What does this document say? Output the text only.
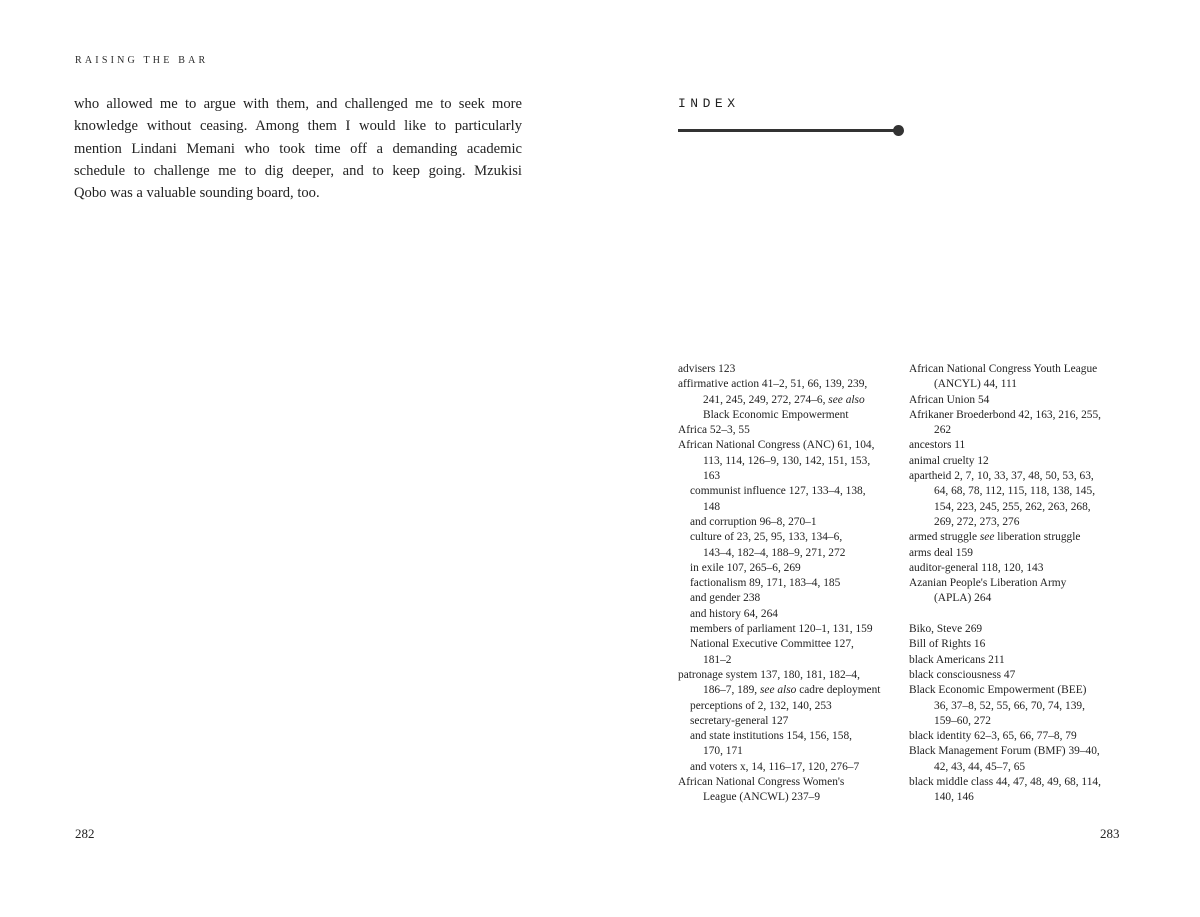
RAISING THE BAR
who allowed me to argue with them, and challenged me to seek more
knowledge without ceasing. Among them I would like to particularly
mention Lindani Memani who took time off a demanding academic
schedule to challenge me to dig deeper, and to keep going. Mzukisi
Qobo was a valuable sounding board, too.
282
INDEX
advisers 123
affirmative action 41–2, 51, 66, 139, 239,
241, 245, 249, 272, 274–6, see also
Black Economic Empowerment
Africa 52–3, 55
African National Congress (ANC) 61, 104,
113, 114, 126–9, 130, 142, 151, 153,
163
communist influence 127, 133–4, 138,
148
and corruption 96–8, 270–1
culture of 23, 25, 95, 133, 134–6,
143–4, 182–4, 188–9, 271, 272
in exile 107, 265–6, 269
factionalism 89, 171, 183–4, 185
and gender 238
and history 64, 264
members of parliament 120–1, 131, 159
National Executive Committee 127,
181–2
patronage system 137, 180, 181, 182–4,
186–7, 189, see also cadre deployment
perceptions of 2, 132, 140, 253
secretary-general 127
and state institutions 154, 156, 158,
170, 171
and voters x, 14, 116–17, 120, 276–7
African National Congress Women's
League (ANCWL) 237–9
African National Congress Youth League
(ANCYL) 44, 111
African Union 54
Afrikaner Broederbond 42, 163, 216, 255,
262
ancestors 11
animal cruelty 12
apartheid 2, 7, 10, 33, 37, 48, 50, 53, 63,
64, 68, 78, 112, 115, 118, 138, 145,
154, 223, 245, 255, 262, 263, 268,
269, 272, 273, 276
armed struggle see liberation struggle
arms deal 159
auditor-general 118, 120, 143
Azanian People's Liberation Army
(APLA) 264
Biko, Steve 269
Bill of Rights 16
black Americans 211
black consciousness 47
Black Economic Empowerment (BEE)
36, 37–8, 52, 55, 66, 70, 74, 139,
159–60, 272
black identity 62–3, 65, 66, 77–8, 79
Black Management Forum (BMF) 39–40,
42, 43, 44, 45–7, 65
black middle class 44, 47, 48, 49, 68, 114,
140, 146
283
